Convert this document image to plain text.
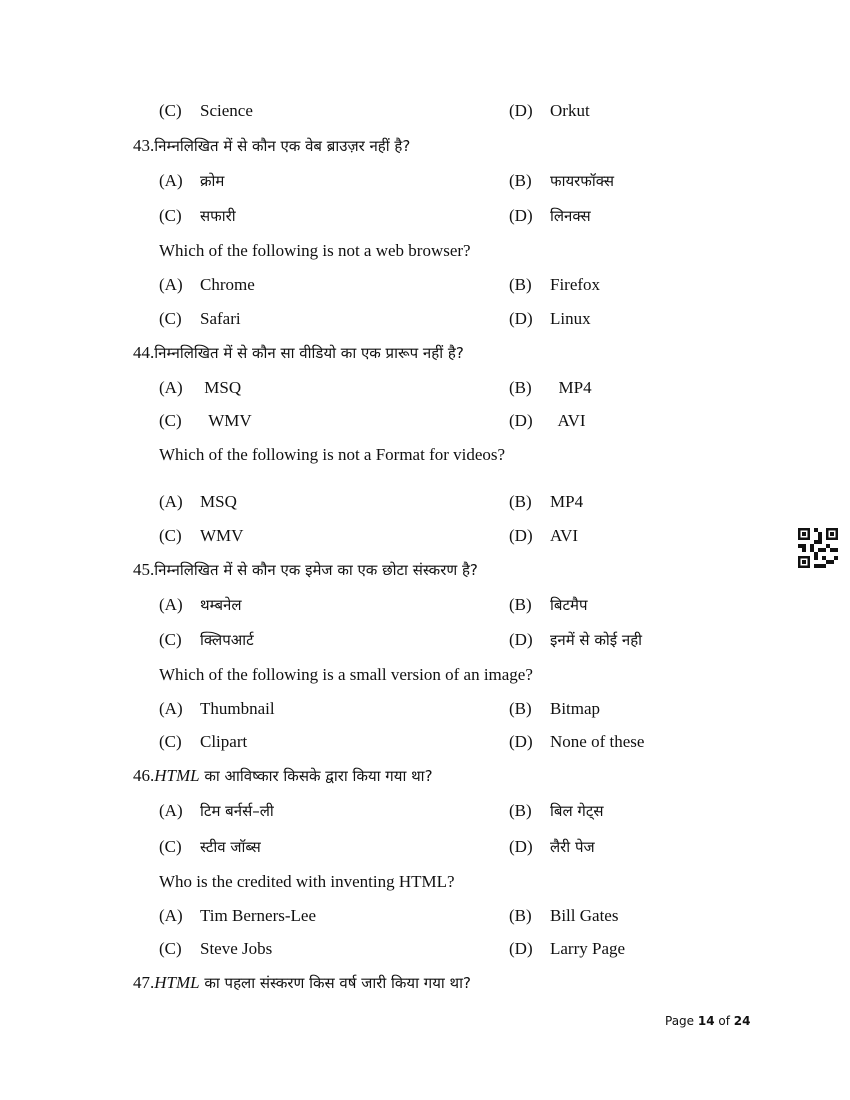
(C) Science	(D) Orkut
43.निम्नलिखित में से कौन एक वेब ब्राउज़र नहीं है?
(A) क्रोम	(B) फायरफॉक्स
(C) सफारी	(D) लिनक्स
Which of the following is not a web browser?
(A) Chrome	(B) Firefox
(C) Safari	(D) Linux
44.निम्नलिखित में से कौन सा वीडियो का एक प्रारूप नहीं है?
(A) MSQ	(B)  MP4
(C)  WMV	(D)  AVI
Which of the following is not a Format for videos?
(A) MSQ	(B) MP4
(C) WMV	(D) AVI
45.निम्नलिखित में से कौन एक इमेज का एक छोटा संस्करण है?
(A) थम्बनेल	(B) बिटमैप
(C) क्लिपआर्ट	(D) इनमें से कोई नही
Which of the following is a small version of an image?
(A) Thumbnail	(B) Bitmap
(C) Clipart	(D) None of these
46.HTML का आविष्कार किसके द्वारा किया गया था?
(A) टिम बर्नर्स–ली	(B) बिल गेट्स
(C) स्टीव जॉब्स	(D) लैरी पेज
Who is the credited with inventing HTML?
(A) Tim Berners-Lee	(B) Bill Gates
(C) Steve Jobs	(D) Larry Page
47.HTML का पहला संस्करण किस वर्ष जारी किया गया था?
Page 14 of 24
